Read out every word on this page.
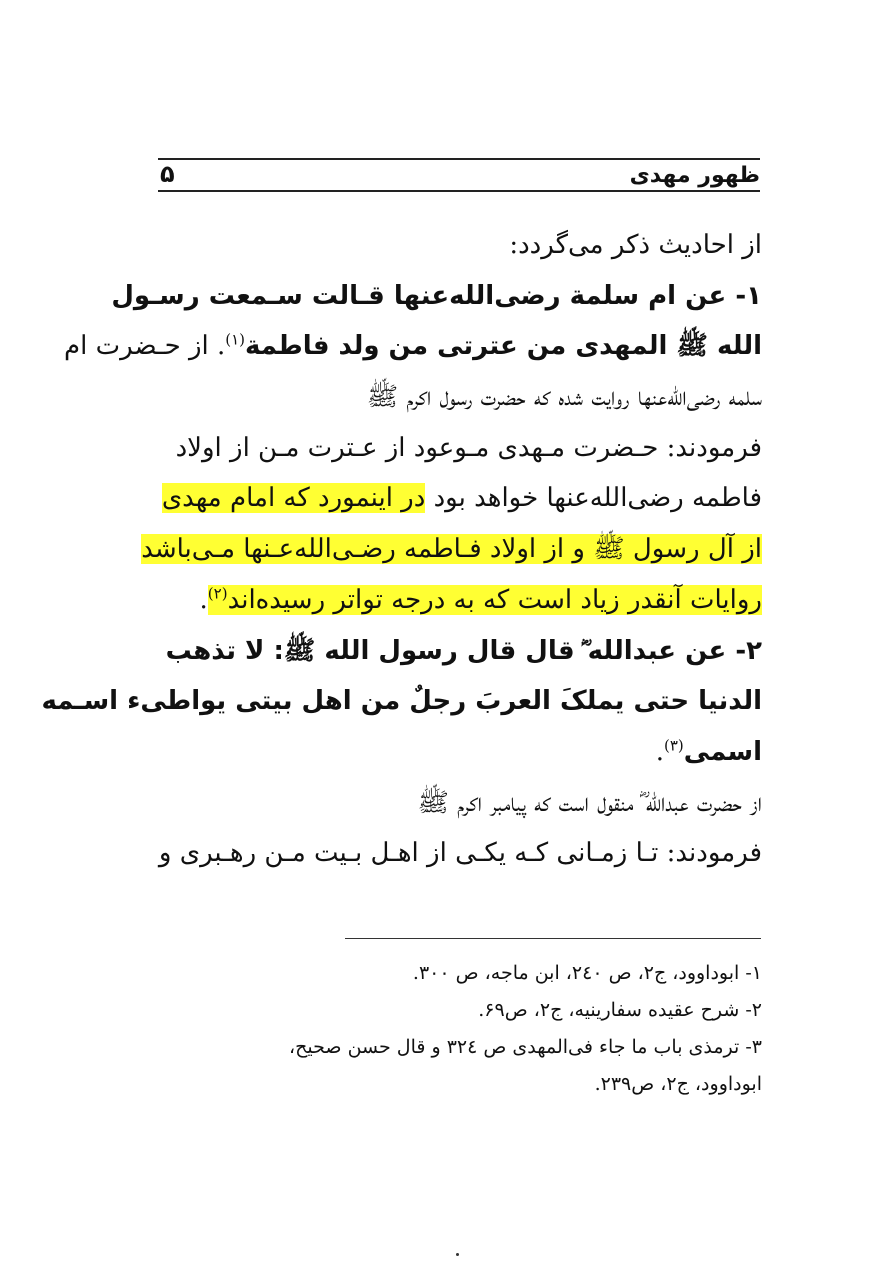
ظهور مهدی
۵
از احادیث ذکر می‌گردد:
۱- عن ام سلمة رضی‌الله‌عنها قـالت سـمعت رسـول
الله ﷺ المهدی من عترتی من ولد فاطمة$^{(۱)}$. از حـضرت ام
سلمه رضی‌الله‌عنها روایت شده که حضرت رسول اکرم ﷺ
فرمودند: حـضرت مـهدی مـوعود از عـترت مـن از اولاد
فاطمه رضی‌الله‌عنها خواهد بود در اینمورد که امام مهدی
از آل رسول ﷺ و از اولاد فـاطمه رضـی‌الله‌عـنها مـی‌باشد
روایات آنقدر زیاد است که به درجه تواتر رسیده‌اند$^{(۲)}$.
۲- عن عبدالله ؓ قال قال رسول الله ﷺ: لا تذهب
الدنیا حتی یملکَ العربَ رجلٌ من اهل بیتی یواطیء اسـمه
اسمی$^{(۳)}$.
از حضرت عبدالله ؓ منقول است که پیامبر اکرم ﷺ
فرمودند: تـا زمـانی کـه یکـی از اهـل بـیت مـن رهـبری و
۱- ابوداوود، ج۲، ص ۲٤۰، ابن ماجه، ص ۳۰۰.
۲- شرح عقیده سفارینیه، ج۲، ص۶۹.
۳- ترمذی باب ما جاء فی‌المهدی ص ۳۲٤ و قال حسن صحیح،
ابوداوود، ج۲، ص۲۳۹.
